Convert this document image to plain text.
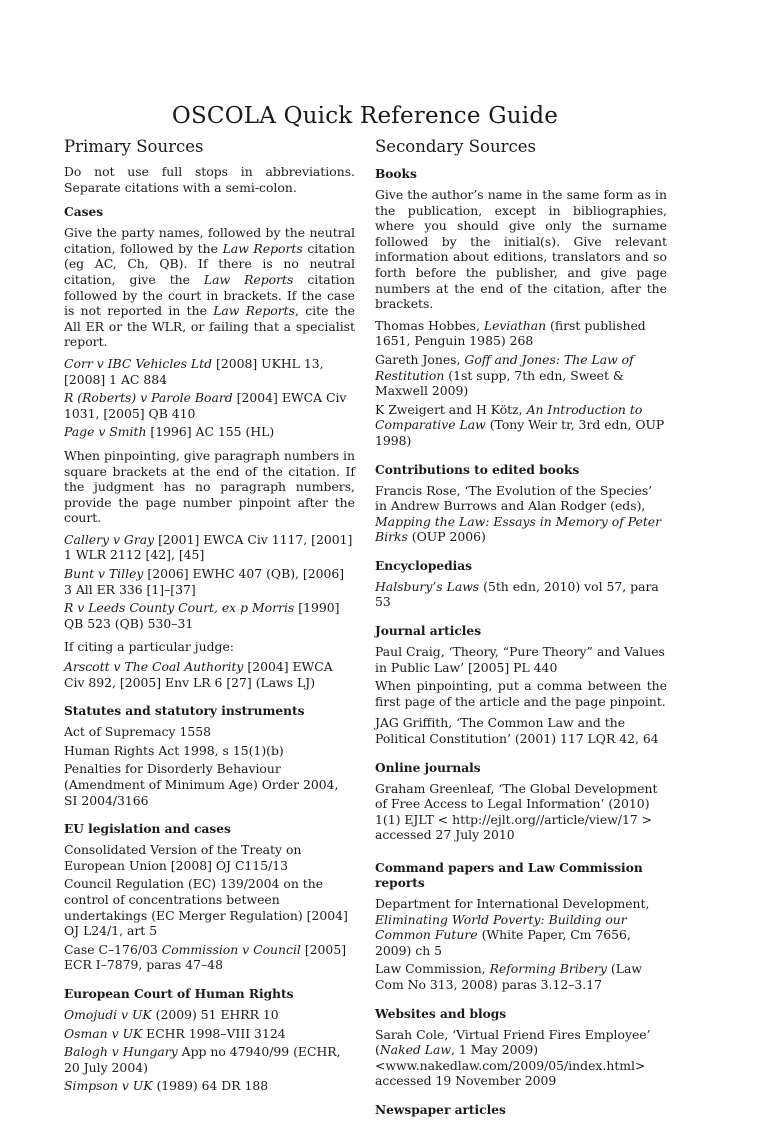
OSCOLA Quick Reference Guide
Primary Sources

Do not use full stops in abbreviations. Separate citations with a semi-colon.

Cases

Give the party names, followed by the neutral citation, followed by the Law Reports citation (eg AC, Ch, QB). If there is no neutral citation, give the Law Reports citation followed by the court in brackets. If the case is not reported in the Law Reports, cite the All ER or the WLR, or failing that a specialist report.

Corr v IBC Vehicles Ltd [2008] UKHL 13, [2008] 1 AC 884
R (Roberts) v Parole Board [2004] EWCA Civ 1031, [2005] QB 410
Page v Smith [1996] AC 155 (HL)

When pinpointing, give paragraph numbers in square brackets at the end of the citation. If the judgment has no paragraph numbers, provide the page number pinpoint after the court.

Callery v Gray [2001] EWCA Civ 1117, [2001] 1 WLR 2112 [42], [45]
Bunt v Tilley [2006] EWHC 407 (QB), [2006] 3 All ER 336 [1]–[37]
R v Leeds County Court, ex p Morris [1990] QB 523 (QB) 530–31

If citing a particular judge:

Arscott v The Coal Authority [2004] EWCA Civ 892, [2005] Env LR 6 [27] (Laws LJ)
Statutes and statutory instruments
Act of Supremacy 1558
Human Rights Act 1998, s 15(1)(b)
Penalties for Disorderly Behaviour (Amendment of Minimum Age) Order 2004, SI 2004/3166
EU legislation and cases
Consolidated Version of the Treaty on European Union [2008] OJ C115/13
Council Regulation (EC) 139/2004 on the control of concentrations between undertakings (EC Merger Regulation) [2004] OJ L24/1, art 5
Case C–176/03 Commission v Council [2005] ECR I–7879, paras 47–48
European Court of Human Rights
Omojudi v UK (2009) 51 EHRR 10
Osman v UK ECHR 1998–VIII 3124
Balogh v Hungary App no 47940/99 (ECHR, 20 July 2004)
Simpson v UK (1989) 64 DR 188
Secondary Sources
Books

Give the author’s name in the same form as in the publication, except in bibliographies, where you should give only the surname followed by the initial(s). Give relevant information about editions, translators and so forth before the publisher, and give page numbers at the end of the citation, after the brackets.

Thomas Hobbes, Leviathan (first published 1651, Penguin 1985) 268
Gareth Jones, Goff and Jones: The Law of Restitution (1st supp, 7th edn, Sweet & Maxwell 2009)
K Zweigert and H Kötz, An Introduction to Comparative Law (Tony Weir tr, 3rd edn, OUP 1998)
Contributions to edited books
Francis Rose, ‘The Evolution of the Species’ in Andrew Burrows and Alan Rodger (eds), Mapping the Law: Essays in Memory of Peter Birks (OUP 2006)
Encyclopedias
Halsbury’s Laws (5th edn, 2010) vol 57, para 53
Journal articles
Paul Craig, ‘Theory, “Pure Theory” and Values in Public Law’ [2005] PL 440

When pinpointing, put a comma between the first page of the article and the page pinpoint.

JAG Griffith, ‘The Common Law and the Political Constitution’ (2001) 117 LQR 42, 64
Online journals
Graham Greenleaf, ‘The Global Development of Free Access to Legal Information’ (2010) 1(1) EJLT < http://ejlt.org//article/view/17 > accessed 27 July 2010
Command papers and Law Commission reports
Department for International Development, Eliminating World Poverty: Building our Common Future (White Paper, Cm 7656, 2009) ch 5
Law Commission, Reforming Bribery (Law Com No 313, 2008) paras 3.12–3.17
Websites and blogs
Sarah Cole, ‘Virtual Friend Fires Employee’ (Naked Law, 1 May 2009) <www.nakedlaw.com/2009/05/index.html> accessed 19 November 2009
Newspaper articles
